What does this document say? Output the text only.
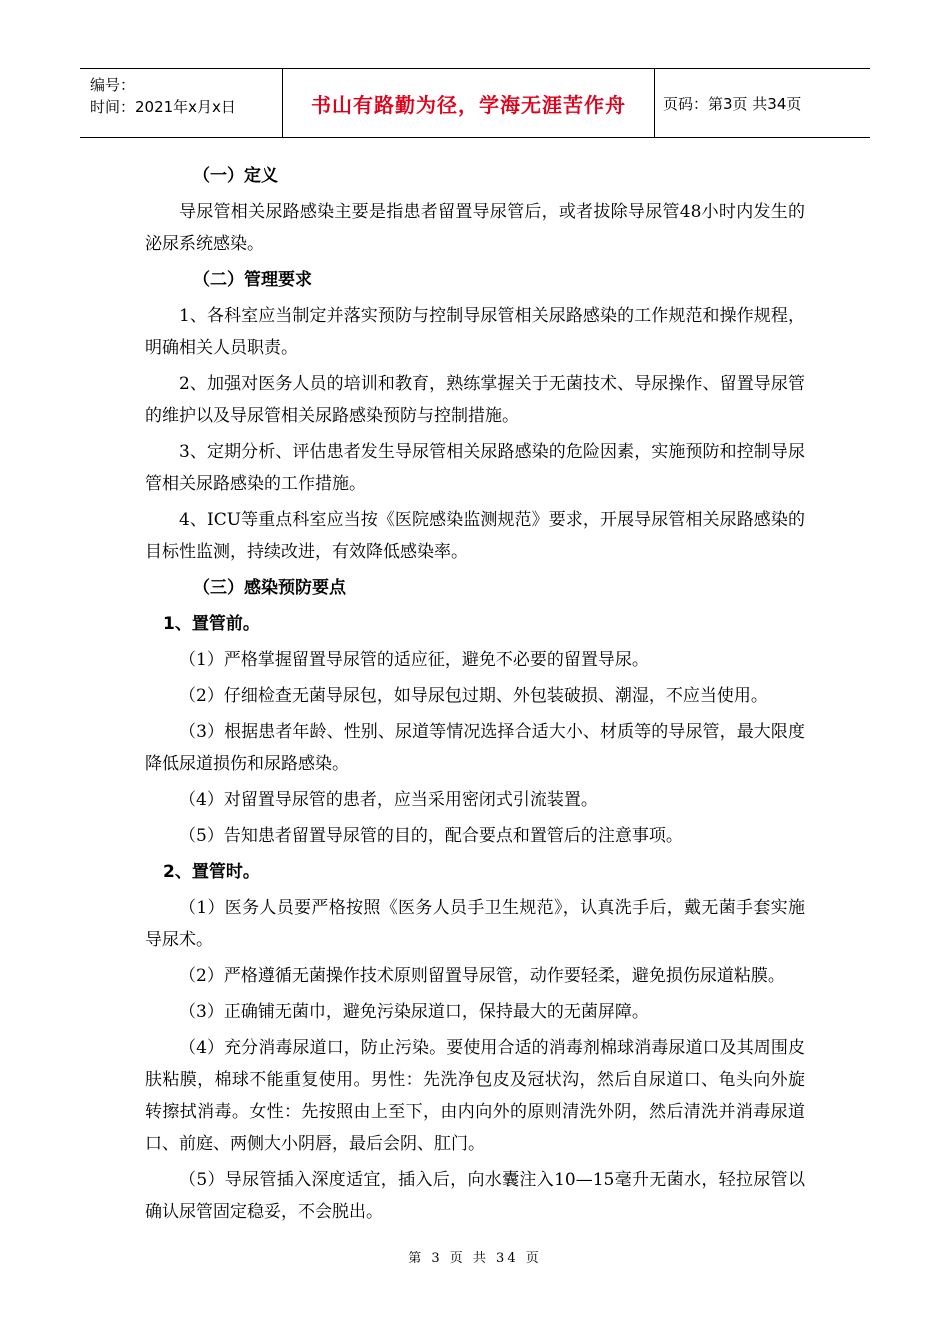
编号：
时间：2021年x月x日	书山有路勤为径，学海无涯苦作舟 页码：第3页 共34页

（一）定义

导尿管相关尿路感染主要是指患者留置导尿管后，或者拔除导尿管48小时内发生的泌尿系统感染。

（二）管理要求

1、各科室应当制定并落实预防与控制导尿管相关尿路感染的工作规范和操作规程，明确相关人员职责。

2、加强对医务人员的培训和教育，熟练掌握关于无菌技术、导尿操作、留置导尿管的维护以及导尿管相关尿路感染预防与控制措施。

3、定期分析、评估患者发生导尿管相关尿路感染的危险因素，实施预防和控制导尿管相关尿路感染的工作措施。

4、ICU等重点科室应当按《医院感染监测规范》要求，开展导尿管相关尿路感染的目标性监测，持续改进，有效降低感染率。

（三）感染预防要点

1、置管前。

（1）严格掌握留置导尿管的适应征，避免不必要的留置导尿。

（2）仔细检查无菌导尿包，如导尿包过期、外包装破损、潮湿，不应当使用。

（3）根据患者年龄、性别、尿道等情况选择合适大小、材质等的导尿管，最大限度降低尿道损伤和尿路感染。

（4）对留置导尿管的患者，应当采用密闭式引流装置。

（5）告知患者留置导尿管的目的，配合要点和置管后的注意事项。

2、置管时。

（1）医务人员要严格按照《医务人员手卫生规范》，认真洗手后，戴无菌手套实施导尿术。

（2）严格遵循无菌操作技术原则留置导尿管，动作要轻柔，避免损伤尿道粘膜。

（3）正确铺无菌巾，避免污染尿道口，保持最大的无菌屏障。

（4）充分消毒尿道口，防止污染。要使用合适的消毒剂棉球消毒尿道口及其周围皮肤粘膜，棉球不能重复使用。男性：先洗净包皮及冠状沟，然后自尿道口、龟头向外旋转擦拭消毒。女性：先按照由上至下，由内向外的原则清洗外阴，然后清洗并消毒尿道口、前庭、两侧大小阴唇，最后会阴、肛门。

（5）导尿管插入深度适宜，插入后，向水囊注入10—15毫升无菌水，轻拉尿管以确认尿管固定稳妥，不会脱出。

第 3 页 共 34 页
